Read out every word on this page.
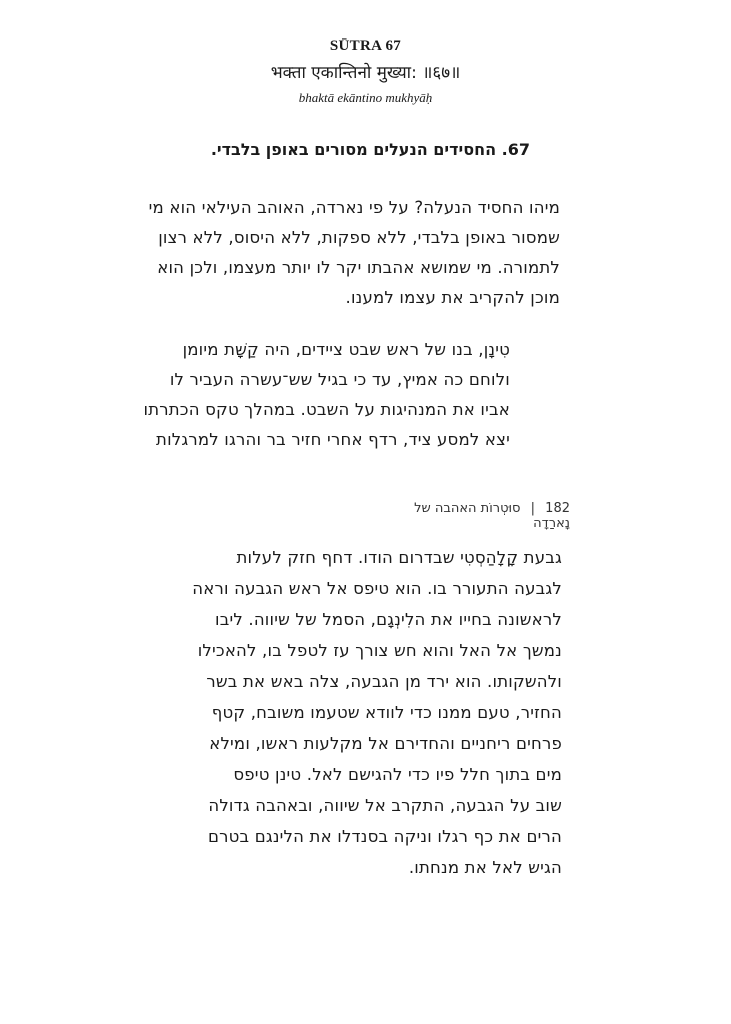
SŪTRA 67
भक्ता एकान्तिनो मुख्या: ॥६७॥
bhaktā ekāntino mukhyāḥ
67. החסידים הנעלים מסורים באופן בלבדי.
מיהו החסיד הנעלה? על פי נארדה, האוהב העילאי הוא מי
שמסור באופן בלבדי, ללא ספקות, ללא היסוס, ללא רצון
לתמורה. מי שמושא אהבתו יקר לו יותר מעצמו, ולכן הוא
מוכן להקריב את עצמו למענו.
טִינָן, בנו של ראש שבט ציידים, היה קַשָּׁת מיומן
ולוחם כה אמיץ, עד כי בגיל שש־עשרה העביר לו
אביו את המנהיגות על השבט. במהלך טקס הכתרתו
יצא למסע ציד, רדף אחרי חזיר בר והרגו למרגלות
182 | סוּטְרוֹת האהבה של נָארַדָה
גבעת קָלָהַסְטִי שבדרום הודו. דחף חזק לעלות
לגבעה התעורר בו. הוא טיפס אל ראש הגבעה וראה
לראשונה בחייו את הלִינְגָם, הסמל של שיווה. ליבו
נמשך אל האל והוא חש צורך עז לטפל בו, להאכילו
ולהשקותו. הוא ירד מן הגבעה, צלה באש את בשר
החזיר, טעם ממנו כדי לוודא שטעמו משובח, קטף
פרחים ריחניים והחדירם אל מקלעות ראשו, ומילא
מים בתוך חלל פיו כדי להגישם לאל. טינן טיפס
שוב על הגבעה, התקרב אל שיווה, ובאהבה גדולה
הרים את כף רגלו וניקה בסנדלו את הלינגם בטרם
הגיש לאל את מנחתו.
